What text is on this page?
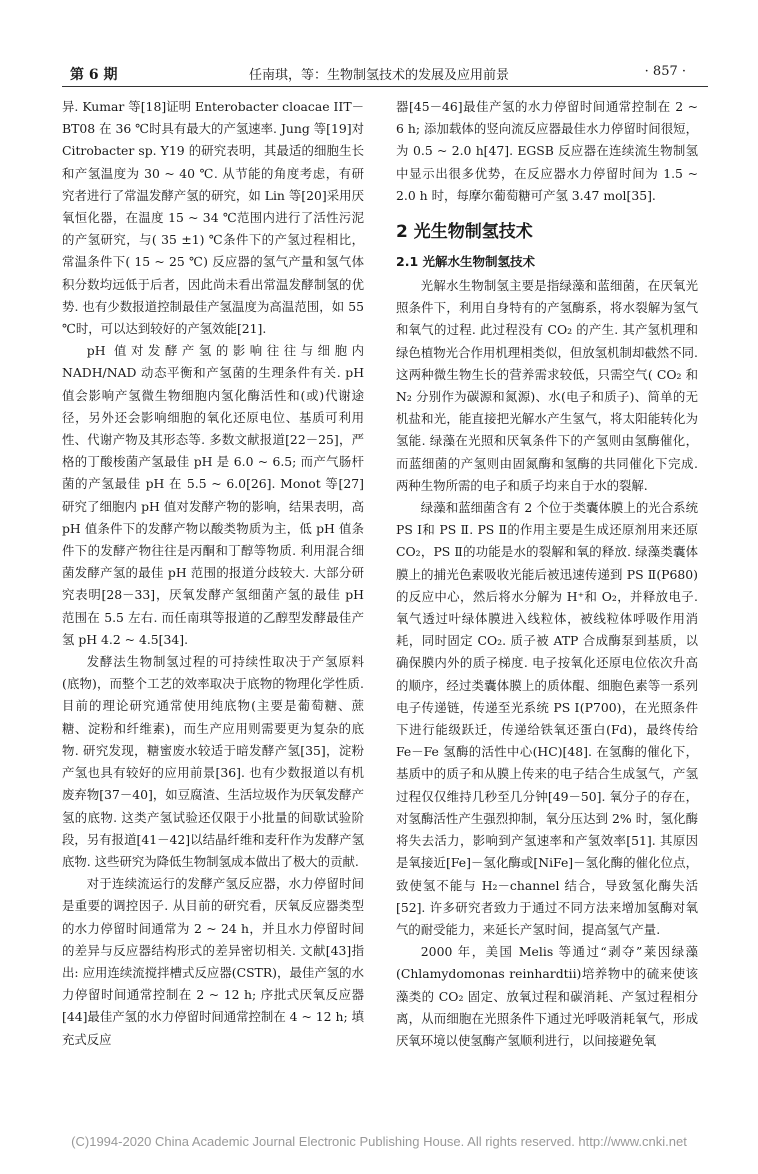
第 6 期	任南琪，等：生物制氢技术的发展及应用前景	· 857 ·

异. Kumar 等[18]证明 Enterobacter cloacae IIT－BT08 在 36 ℃时具有最大的产氢速率. Jung 等[19]对 Citrobacter sp. Y19 的研究表明，其最适的细胞生长和产氢温度为 30 ~ 40 ℃. 从节能的角度考虑，有研究者进行了常温发酵产氢的研究，如 Lin 等[20]采用厌氧恒化器，在温度 15 ~ 34 ℃范围内进行了活性污泥的产氢研究，与( 35 ±1) ℃条件下的产氢过程相比，常温条件下( 15 ~ 25 ℃) 反应器的氢气产量和氢气体积分数均远低于后者，因此尚未看出常温发酵制氢的优势. 也有少数报道控制最佳产氢温度为高温范围，如 55 ℃时，可以达到较好的产氢效能[21].

pH 值对发酵产氢的影响往往与细胞内 NADH/NAD 动态平衡和产氢菌的生理条件有关. pH 值会影响产氢微生物细胞内氢化酶活性和(或)代谢途径，另外还会影响细胞的氧化还原电位、基质可利用性、代谢产物及其形态等. 多数文献报道[22－25]，严格的丁酸梭菌产氢最佳 pH 是 6.0 ~ 6.5; 而产气肠杆菌的产氢最佳 pH 在 5.5 ~ 6.0[26]. Monot 等[27]研究了细胞内 pH 值对发酵产物的影响，结果表明，高 pH 值条件下的发酵产物以酸类物质为主，低 pH 值条件下的发酵产物往往是丙酮和丁醇等物质. 利用混合细菌发酵产氢的最佳 pH 范围的报道分歧较大. 大部分研究表明[28－33]，厌氧发酵产氢细菌产氢的最佳 pH 范围在 5.5 左右. 而任南琪等报道的乙醇型发酵最佳产氢 pH 4.2 ~ 4.5[34].

发酵法生物制氢过程的可持续性取决于产氢原料(底物)，而整个工艺的效率取决于底物的物理化学性质. 目前的理论研究通常使用纯底物(主要是葡萄糖、蔗糖、淀粉和纤维素)，而生产应用则需要更为复杂的底物. 研究发现，糖蜜废水较适于暗发酵产氢[35]，淀粉产氢也具有较好的应用前景[36]. 也有少数报道以有机废弃物[37－40]，如豆腐渣、生活垃圾作为厌氧发酵产氢的底物. 这类产氢试验还仅限于小批量的间歇试验阶段，另有报道[41－42]以结晶纤维和麦秆作为发酵产氢底物. 这些研究为降低生物制氢成本做出了极大的贡献.

对于连续流运行的发酵产氢反应器，水力停留时间是重要的调控因子. 从目前的研究看，厌氧反应器类型的水力停留时间通常为 2 ~ 24 h，并且水力停留时间的差异与反应器结构形式的差异密切相关. 文献[43]指出: 应用连续流搅拌槽式反应器(CSTR)，最佳产氢的水力停留时间通常控制在 2 ~ 12 h; 序批式厌氧反应器[44]最佳产氢的水力停留时间通常控制在 4 ~ 12 h; 填充式反应

器[45－46]最佳产氢的水力停留时间通常控制在 2 ~ 6 h; 添加载体的竖向流反应器最佳水力停留时间很短，为 0.5 ~ 2.0 h[47]. EGSB 反应器在连续流生物制氢中显示出很多优势，在反应器水力停留时间为 1.5 ~ 2.0 h 时，每摩尔葡萄糖可产氢 3.47 mol[35].

2 光生物制氢技术
2.1 光解水生物制氢技术

光解水生物制氢主要是指绿藻和蓝细菌，在厌氧光照条件下，利用自身特有的产氢酶系，将水裂解为氢气和氧气的过程. 此过程没有 CO₂ 的产生. 其产氢机理和绿色植物光合作用机理相类似，但放氢机制却截然不同. 这两种微生物生长的营养需求较低，只需空气( CO₂ 和 N₂ 分别作为碳源和氮源)、水(电子和质子)、简单的无机盐和光，能直接把光解水产生氢气，将太阳能转化为氢能. 绿藻在光照和厌氧条件下的产氢则由氢酶催化，而蓝细菌的产氢则由固氮酶和氢酶的共同催化下完成. 两种生物所需的电子和质子均来自于水的裂解.

绿藻和蓝细菌含有 2 个位于类囊体膜上的光合系统 PS Ⅰ和 PS Ⅱ. PS Ⅱ的作用主要是生成还原剂用来还原 CO₂，PS Ⅱ的功能是水的裂解和氧的释放. 绿藻类囊体膜上的捕光色素吸收光能后被迅速传递到 PS Ⅱ(P680)的反应中心，然后将水分解为 H⁺和 O₂，并释放电子. 氧气透过叶绿体膜进入线粒体，被线粒体呼吸作用消耗，同时固定 CO₂. 质子被 ATP 合成酶泵到基质，以确保膜内外的质子梯度. 电子按氧化还原电位依次升高的顺序，经过类囊体膜上的质体醌、细胞色素等一系列电子传递链，传递至光系统 PS Ⅰ(P700)，在光照条件下进行能级跃迁，传递给铁氧还蛋白(Fd)，最终传给 Fe－Fe 氢酶的活性中心(HC)[48]. 在氢酶的催化下，基质中的质子和从膜上传来的电子结合生成氢气，产氢过程仅仅维持几秒至几分钟[49－50]. 氧分子的存在，对氢酶活性产生强烈抑制，氧分压达到 2% 时，氢化酶将失去活力，影响到产氢速率和产氢效率[51]. 其原因是氧接近[Fe]－氢化酶或[NiFe]－氢化酶的催化位点，致使氢不能与 H₂－channel 结合，导致氢化酶失活[52]. 许多研究者致力于通过不同方法来增加氢酶对氧气的耐受能力，来延长产氢时间，提高氢气产量.

2000 年，美国 Melis 等通过“剥夺”莱因绿藻(Chlamydomonas reinhardtii)培养物中的硫来使该藻类的 CO₂ 固定、放氧过程和碳消耗、产氢过程相分离，从而细胞在光照条件下通过光呼吸消耗氧气，形成厌氧环境以使氢酶产氢顺利进行，以间接避免氧

(C)1994-2020 China Academic Journal Electronic Publishing House. All rights reserved. http://www.cnki.net
